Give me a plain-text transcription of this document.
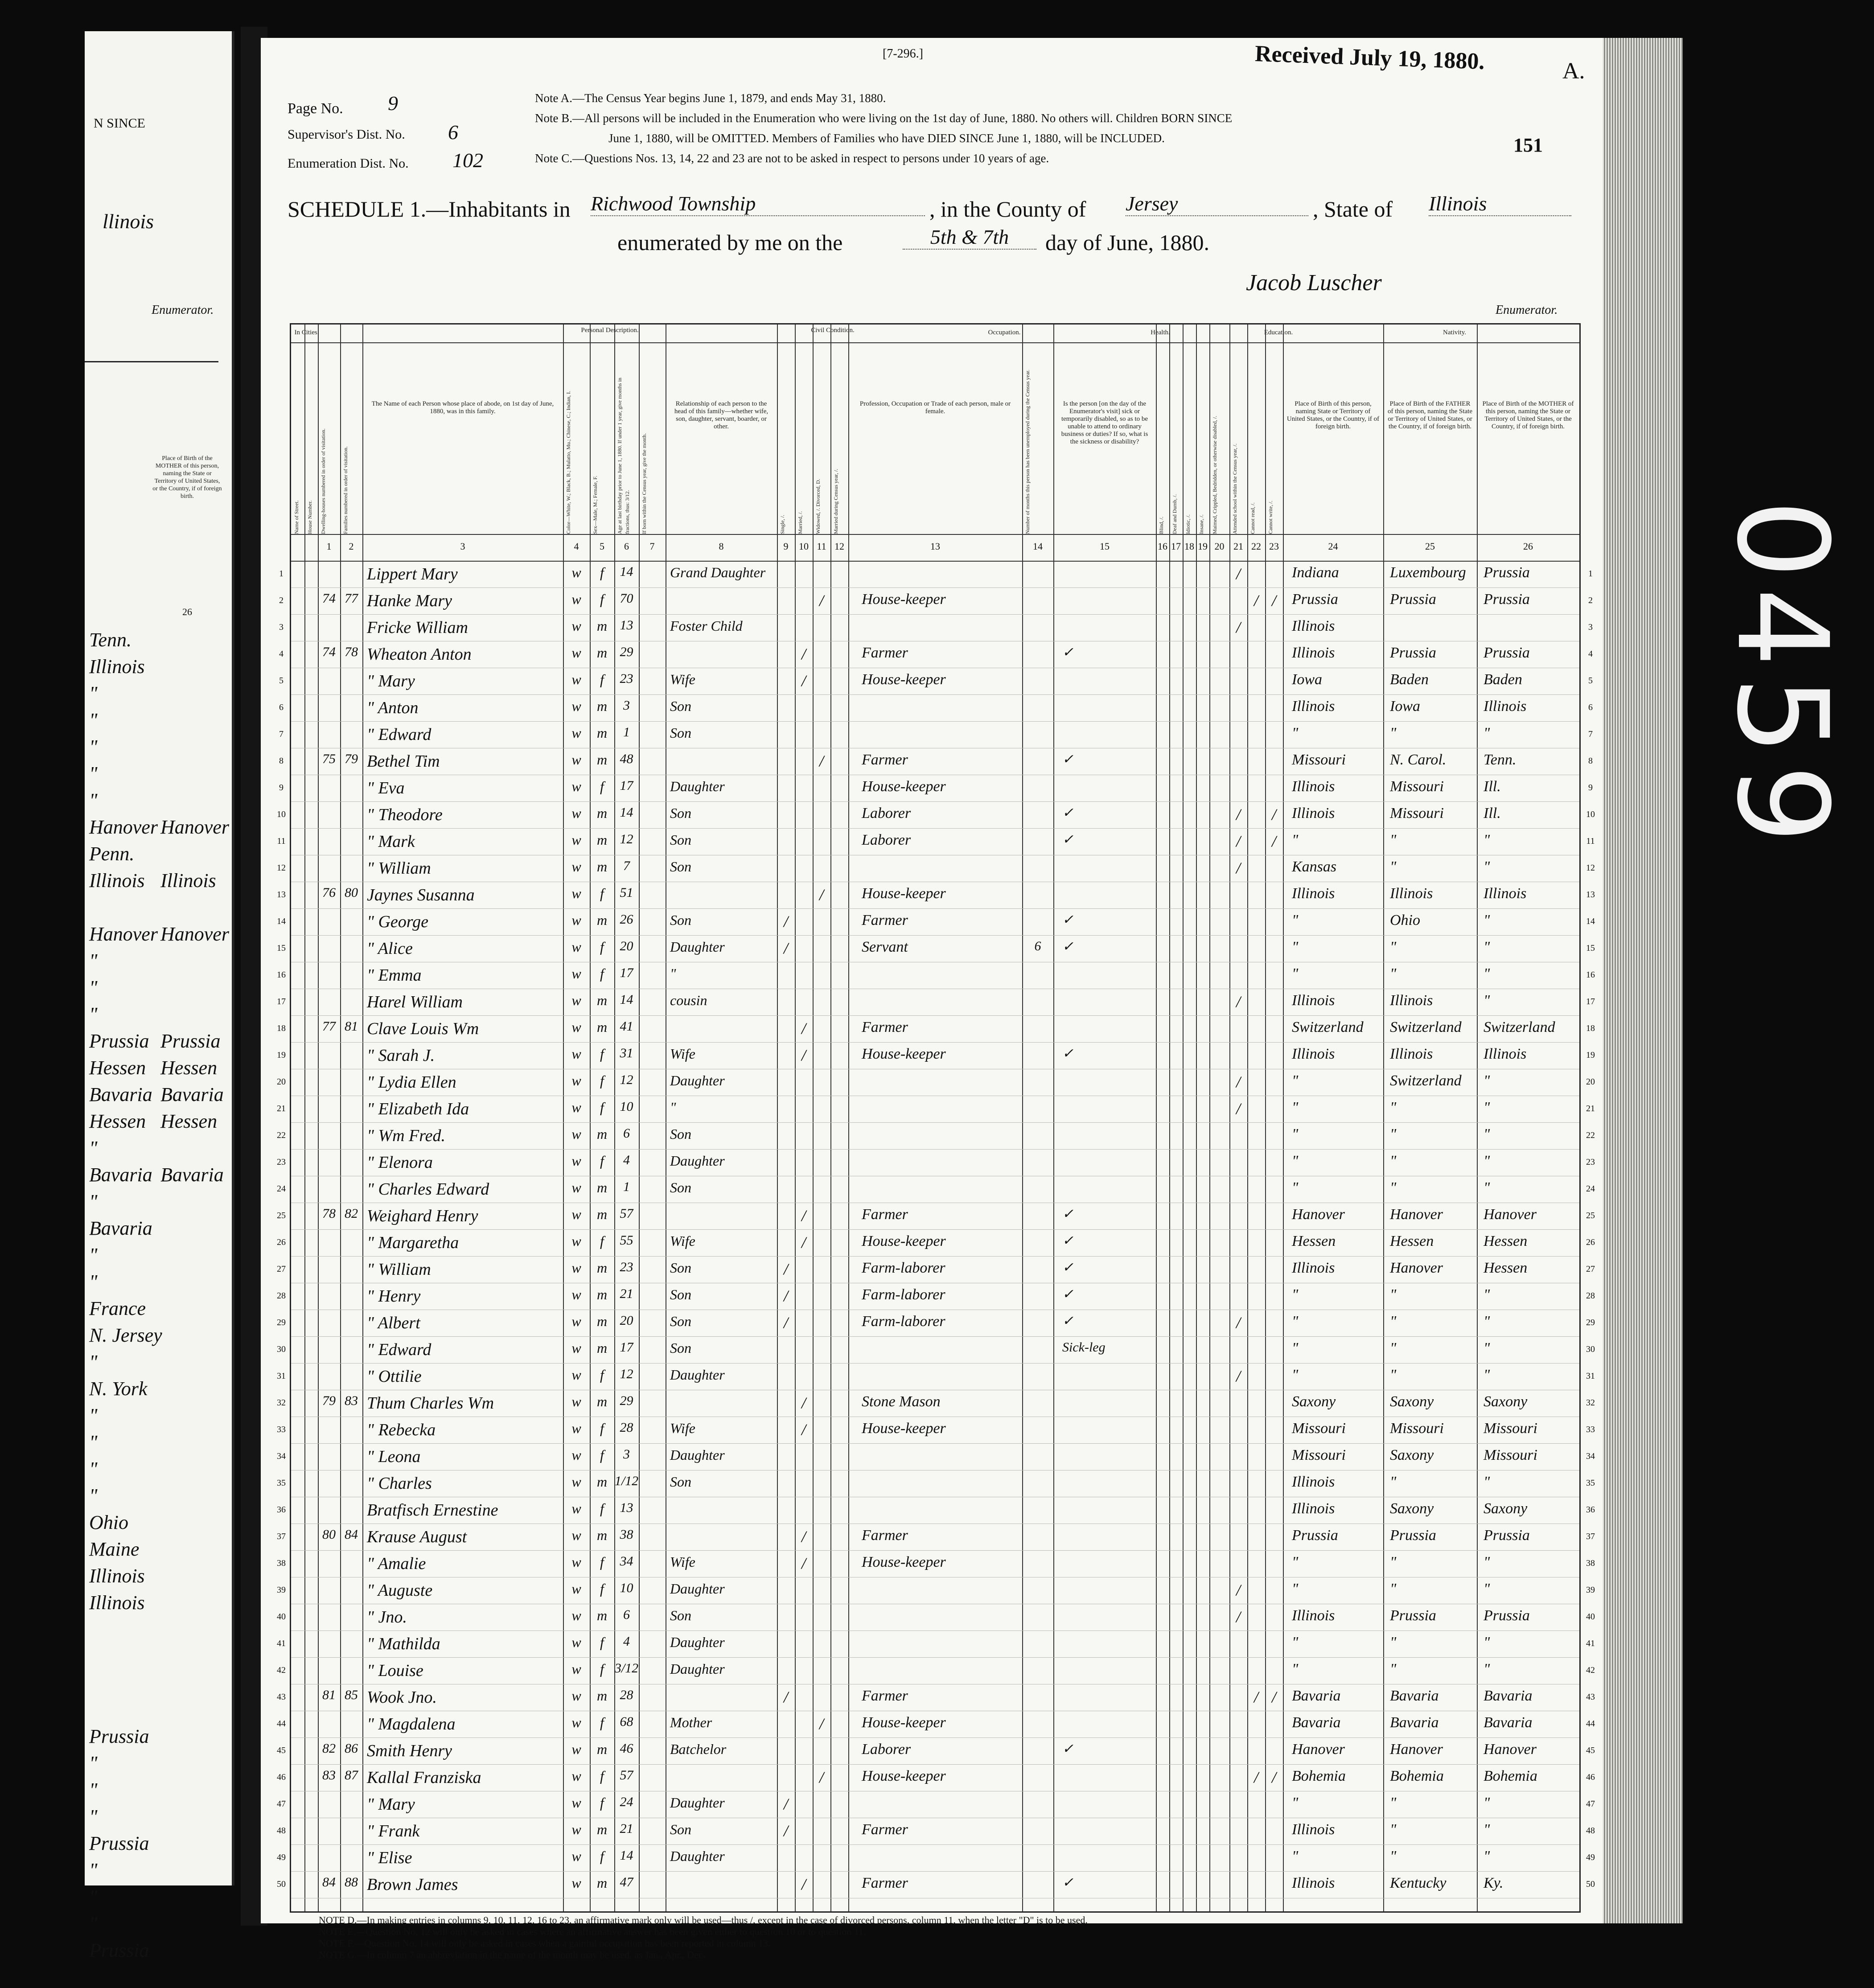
N SINCE
llinois
Enumerator.
Place of Birth of the MOTHER of this person, naming the State or Territory of United States, or the Country, if of foreign birth.
26
Tenn.
Illinois
"
"
"
"
"
Hanover Hanover
Penn.
Illinois Illinois
Hanover Hanover
"
"
"
Prussia Prussia
Hessen Hessen
Bavaria Bavaria
Hessen Hessen
"
Bavaria Bavaria
"
Bavaria
"
"
France
N. Jersey
"
N. York
"
"
"
"
Ohio
Maine
Illinois
Illinois
Prussia
"
"
"
Prussia
"
"
"
Prussia
[7-296.]	Received July 19, 1880.	A.
151
Page No. 9
Supervisor's Dist. No. 6
Enumeration Dist. No. 102
Note A.—The Census Year begins June 1, 1879, and ends May 31, 1880.
Note B.—All persons will be included in the Enumeration who were living on the 1st day of June, 1880. No others will. Children BORN SINCE
June 1, 1880, will be OMITTED. Members of Families who have DIED SINCE June 1, 1880, will be INCLUDED.
Note C.—Questions Nos. 13, 14, 22 and 23 are not to be asked in respect to persons under 10 years of age.
SCHEDULE 1.—Inhabitants in Richwood Township	, in the County of Jersey	, State of Illinois
enumerated by me on the	5th & 7th	day of June, 1880.
Jacob Luscher
Enumerator.
In Cities.	Personal Description.	Civil Condition.	Occupation.	Health.	Education.	Nativity.
Name of Street.	House Number.	Dwelling-houses numbered in order of visitation.	Families numbered in order of visitation.
The Name of each Person whose place of abode, on 1st day of June, 1880, was in this family.	Color—White, W.; Black, B.; Mulatto, Mu.; Chinese, C.; Indian, I.	Sex—Male, M.; Female, F.	Age at last birthday prior to June 1, 1880. If under 1 year, give months in fractions, thus: 3/12.	If born within the Census year, give the month.
Relationship of each person to the head of this family—whether wife, son, daughter, servant, boarder, or other.
Single, /.	Married, /.	Widowed, /. Divorced, D.	Married during Census year, /.
Profession, Occupation or Trade of each person, male or female.	Number of months this person has been unemployed during the Census year.	Is the person [on the day of the Enumerator's visit] sick or temporarily disabled, so as to be unable to attend to ordinary business or duties? If so, what is the sickness or disability?
Blind, /.	Deaf and Dumb, /.	Idiotic, /.	Insane, /.	Maimed, Crippled, Bedridden, or otherwise disabled, /.	Attended school within the Census year, /.	Cannot read, /.	Cannot write, /.
Place of Birth of this person, naming State or Territory of United States, or the Country, if of foreign birth.
Place of Birth of the FATHER of this person, naming the State or Territory of United States, or the Country, if of foreign birth.
Place of Birth of the MOTHER of this person, naming the State or Territory of United States, or the Country, if of foreign birth.
1	2	3	4	5	6	7	8	9	10 11 12	13	14	15	16 17 18 19 20 21 22 23	24	25	26
1	Lippert Mary	w	f	14	Grand Daughter	/	Indiana	Luxembourg Prussia	1
2	74 77 Hanke Mary	w	f	70	/	House-keeper	/ /	Prussia	Prussia	Prussia	2
3	Fricke William	w	m 13	Foster Child	/	Illinois	3
4	74 78 Wheaton Anton	w	m 29	/	Farmer	✓	Illinois	Prussia	Prussia	4
5	" Mary	w	f	23	Wife	/	House-keeper	Iowa	Baden	Baden	5
6	" Anton	w	m	3	Son	Illinois	Iowa	Illinois	6
7	" Edward	w	m	1	Son	"	"	"	7
8	75 79 Bethel Tim	w	m 48	/	Farmer	✓	Missouri	N. Carol. Tenn.	8
9	" Eva	w	f	17	Daughter	House-keeper	Illinois	Missouri	Ill.	9
10	" Theodore	w	m 14	Son	Laborer	✓	/	/	Illinois	Missouri	Ill.	10
11	" Mark	w	m 12	Son	Laborer	✓	/	/	"	"	"	11
12	" William	w	m	7	Son	/	Kansas	"	"	12
13	76 80 Jaynes Susanna	w	f	51	/	House-keeper	Illinois	Illinois	Illinois	13
14	" George	w	m 26	Son	/	Farmer	✓	"	Ohio	"	14
15	" Alice	w	f	20	Daughter	/	Servant	6	✓	"	"	"	15
16	" Emma	w	f	17	"	"	"	"	16
17	Harel William	w	m 14	cousin	/	Illinois	Illinois	"	17
18	77 81 Clave Louis Wm	w	m 41	/	Farmer	Switzerland Switzerland Switzerland	18
19	" Sarah J.	w	f	31	Wife	/	House-keeper	✓	Illinois	Illinois	Illinois	19
20	" Lydia Ellen	w	f	12	Daughter	/	"	Switzerland "	20
21	" Elizabeth Ida	w	f	10	"	/	"	"	"	21
22	" Wm Fred.	w	m	6	Son	"	"	"	22
23	" Elenora	w	f	4	Daughter	"	"	"	23
24	" Charles Edward	w	m	1	Son	"	"	"	24
25	78 82 Weighard Henry	w	m 57	/	Farmer	✓	Hanover	Hanover	Hanover	25
26	" Margaretha	w	f	55	Wife	/	House-keeper	✓	Hessen	Hessen	Hessen	26
27	" William	w	m 23	Son	/	Farm-laborer	✓	Illinois	Hanover	Hessen	27
28	" Henry	w	m 21	Son	/	Farm-laborer	✓	"	"	"	28
29	" Albert	w	m 20	Son	/	Farm-laborer	✓	/	"	"	"	29
30	" Edward	w	m 17	Son	Sick-leg	"	"	"	30
31	" Ottilie	w	f	12	Daughter	/	"	"	"	31
32	79 83 Thum Charles Wm	w	m 29	/	Stone Mason	Saxony	Saxony	Saxony	32
33	" Rebecka	w	f	28	Wife	/	House-keeper	Missouri	Missouri	Missouri	33
34	" Leona	w	f	3	Daughter	Missouri	Saxony	Missouri	34
35	" Charles	w	m 1/12 Son	Illinois	"	"	35
36	Bratfisch Ernestine	w	f	13	Illinois	Saxony	Saxony	36
37	80 84 Krause August	w	m 38	/	Farmer	Prussia	Prussia	Prussia	37
38	" Amalie	w	f	34	Wife	/	House-keeper	"	"	"	38
39	" Auguste	w	f	10	Daughter	/	"	"	"	39
40	" Jno.	w	m	6	Son	/	Illinois	Prussia	Prussia	40
41	" Mathilda	w	f	4	Daughter	"	"	"	41
42	" Louise	w	f 3/12 Daughter	"	"	"	42
43	81 85 Wook Jno.	w	m 28	/	Farmer	/ /	Bavaria	Bavaria	Bavaria	43
44	" Magdalena	w	f	68	Mother	/	House-keeper	Bavaria	Bavaria	Bavaria	44
45	82 86 Smith Henry	w	m 46	Batchelor	Laborer	✓	Hanover	Hanover	Hanover	45
46	83 87 Kallal Franziska	w	f	57	/	House-keeper	/ /	Bohemia	Bohemia	Bohemia	46
47	" Mary	w	f	24	Daughter	/	"	"	"	47
48	" Frank	w	m 21	Son	/	Farmer	Illinois	"	"	48
49	" Elise	w	f	14	Daughter	"	"	"	49
50	84 88 Brown James	w	m 47	/	Farmer	✓	Illinois	Kentucky Ky.	50
NOTE D.—In making entries in columns 9, 10, 11, 12, 16 to 23, an affirmative mark only will be used—thus /, except in the case of divorced persons, column 11, when the letter "D" is to be used.
NOTE E.—Question No. 12 will only be asked in cases where an affirmative answer has been given either to question 10 or to question 11.
NOTE F.—Question No. 14 will only be asked in cases when a gainful occupation has been reported in column 13.
NOTE G.—In column 7 an abbreviation in the name of the month may be used, as Jan., Apr., Dec.
0459
